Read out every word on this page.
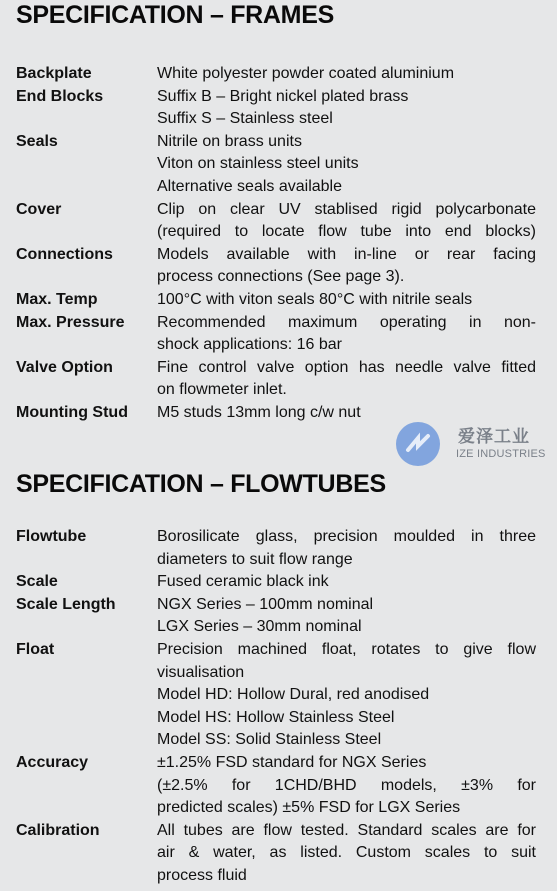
SPECIFICATION – FRAMES
Backplate	White polyester powder coated aluminium
End Blocks	Suffix B – Bright nickel plated brass
Suffix S – Stainless steel
Seals	Nitrile on brass units
Viton on stainless steel units
Alternative seals available
Cover	Clip on clear UV stablised rigid polycarbonate
(required to locate flow tube into end blocks)
Connections	Models available with in-line or rear facing
process connections (See page 3).
Max. Temp	100°C with viton seals 80°C with nitrile seals
Max. Pressure	Recommended maximum operating in non-
shock applications: 16 bar
Valve Option	Fine control valve option has needle valve fitted
on flowmeter inlet.
Mounting Stud	M5 studs 13mm long c/w nut
爱泽工业
IZE INDUSTRIES
SPECIFICATION – FLOWTUBES
Flowtube	Borosilicate glass, precision moulded in three
diameters to suit flow range
Scale	Fused ceramic black ink
Scale Length	NGX Series – 100mm nominal
LGX Series – 30mm nominal
Float	Precision machined float, rotates to give flow
visualisation
Model HD: Hollow Dural, red anodised
Model HS: Hollow Stainless Steel
Model SS: Solid Stainless Steel
Accuracy	±1.25% FSD standard for NGX Series
(±2.5% for 1CHD/BHD models, ±3% for
predicted scales) ±5% FSD for LGX Series
Calibration	All tubes are flow tested. Standard scales are for
air & water, as listed. Custom scales to suit
process fluid
